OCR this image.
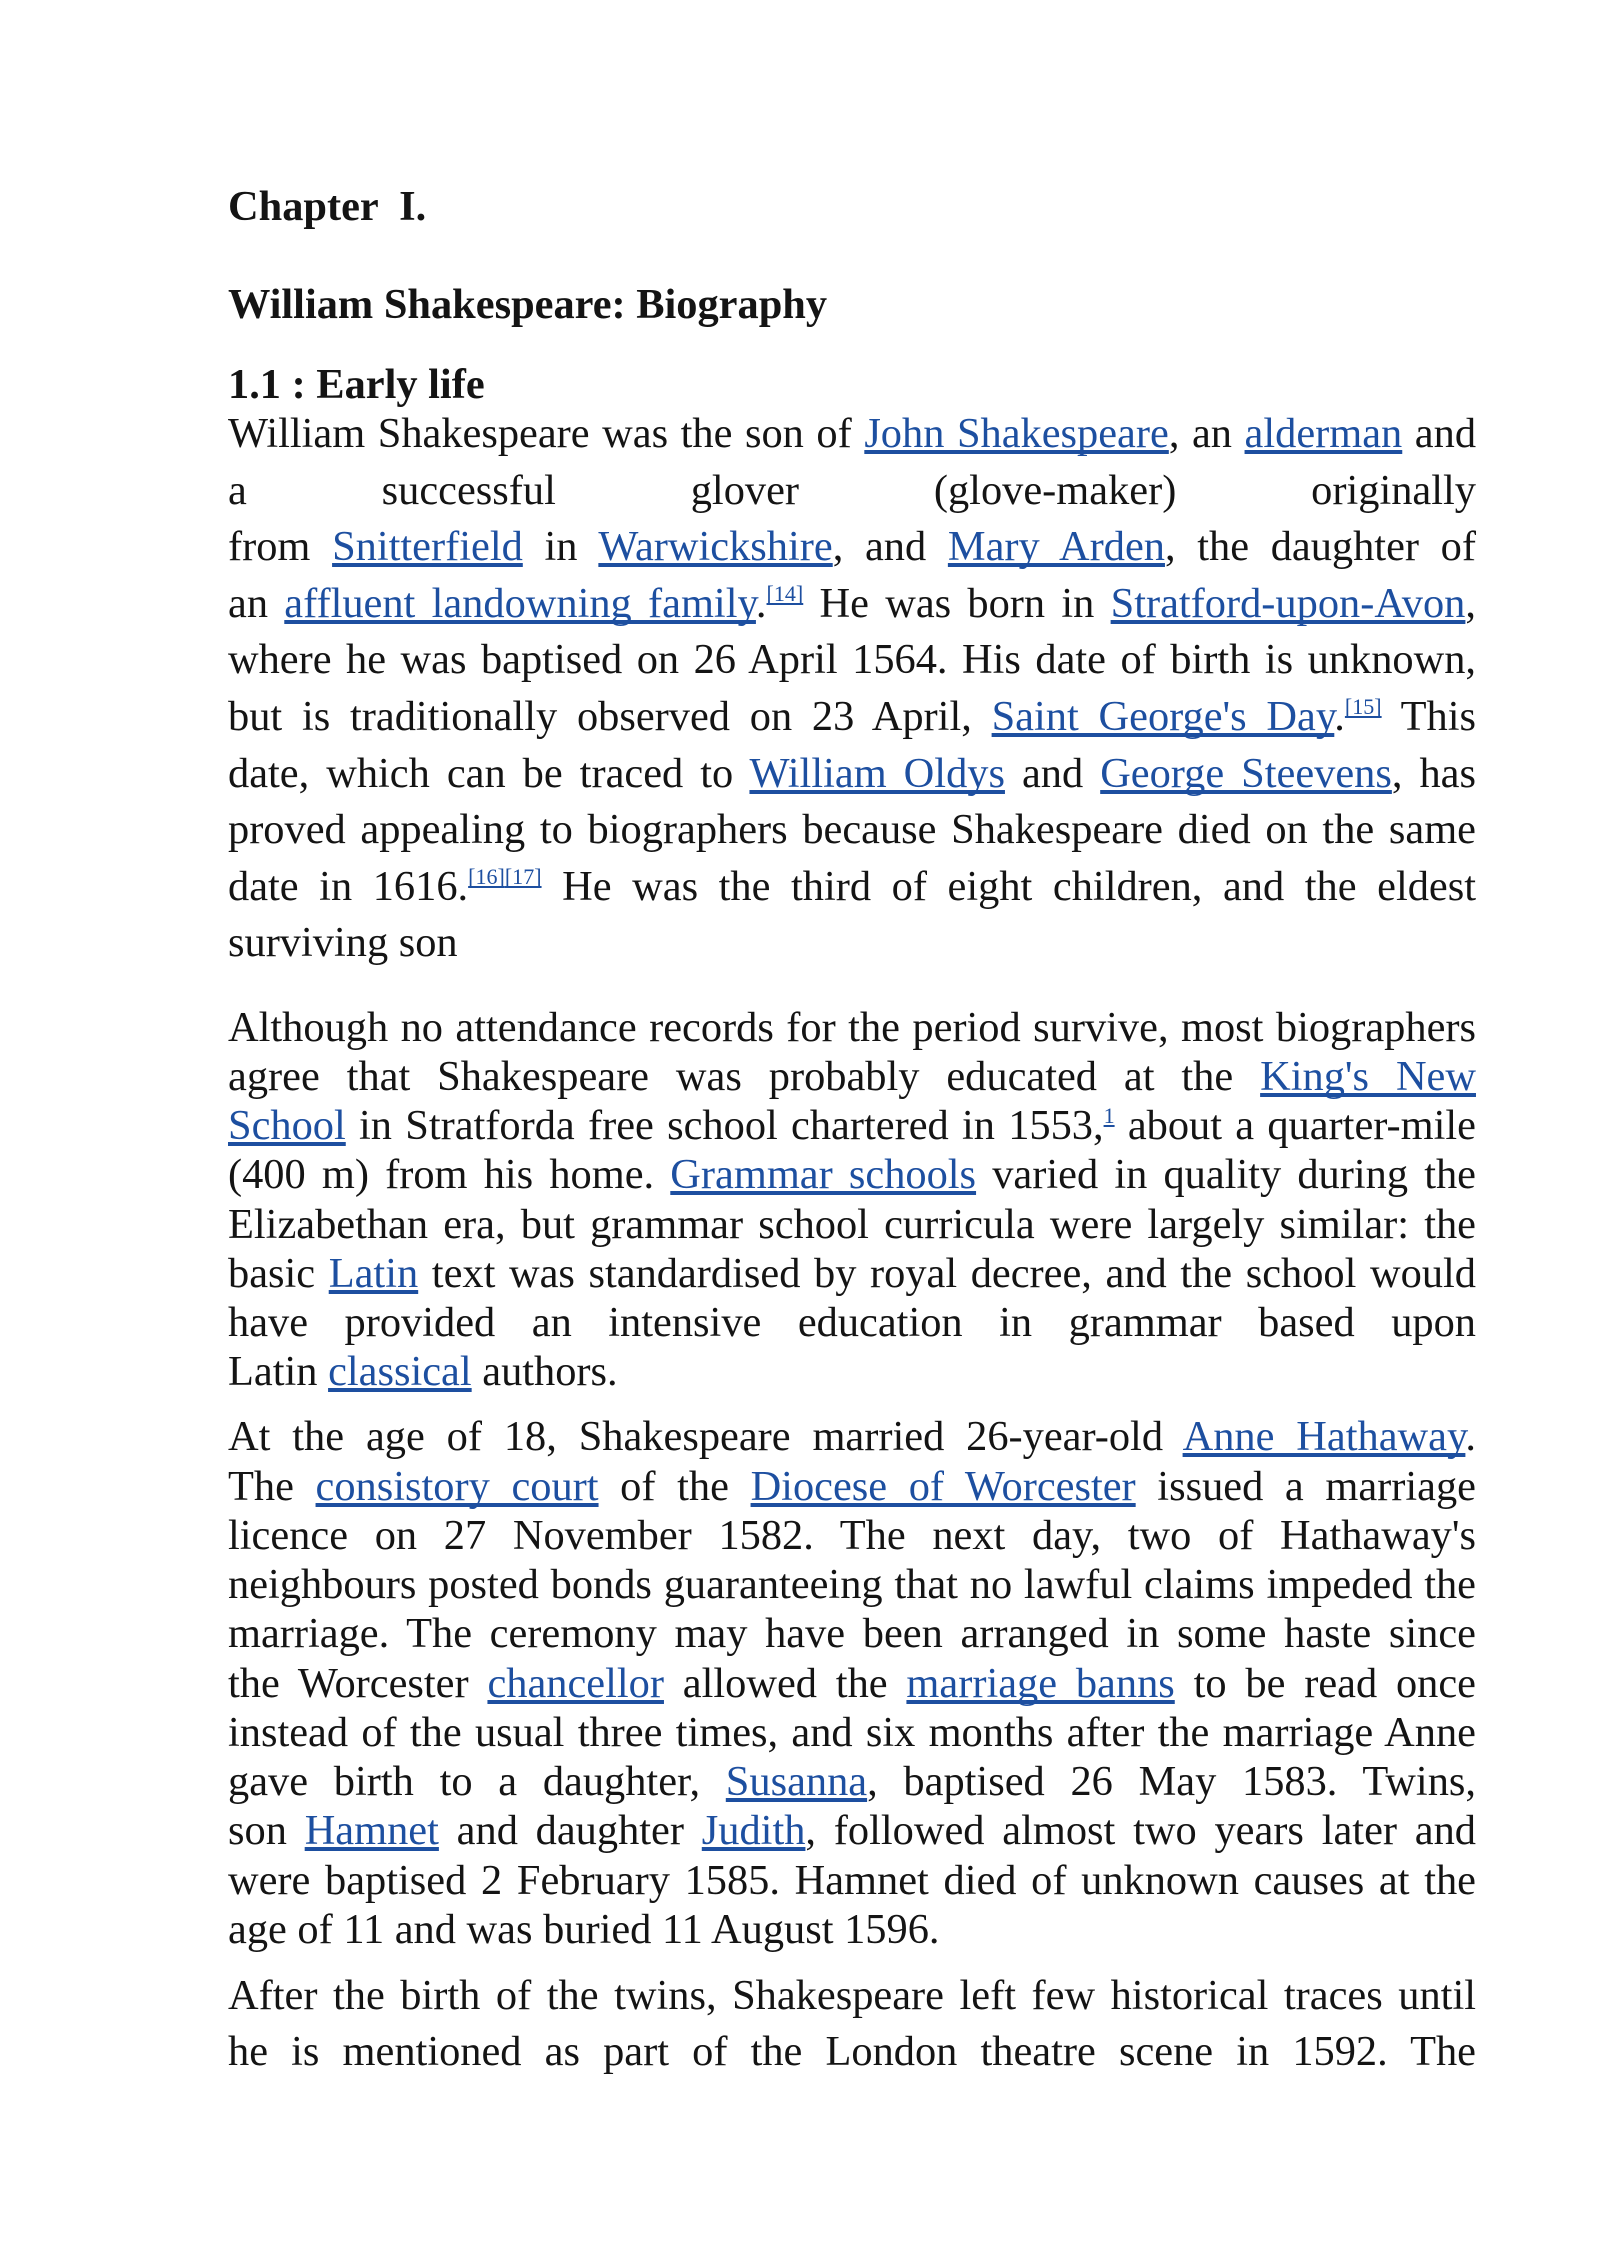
Chapter  I.
William Shakespeare: Biography
1.1 : Early life
William Shakespeare was the son of John Shakespeare, an alderman and
a successful glover (glove-maker) originally
from Snitterfield in Warwickshire, and Mary Arden, the daughter of
an affluent landowning family.[14] He was born in Stratford-upon-Avon,
where he was baptised on 26 April 1564. His date of birth is unknown,
but is traditionally observed on 23 April, Saint George's Day.[15] This
date, which can be traced to William Oldys and George Steevens, has
proved appealing to biographers because Shakespeare died on the same
date in 1616.[16][17] He was the third of eight children, and the eldest
surviving son
Although no attendance records for the period survive, most biographers
agree that Shakespeare was probably educated at the King's New
School in Stratforda free school chartered in 1553,$^1$ about a quarter-mile
(400 m) from his home. Grammar schools varied in quality during the
Elizabethan era, but grammar school curricula were largely similar: the
basic Latin text was standardised by royal decree, and the school would
have provided an intensive education in grammar based upon
Latin classical authors.
At the age of 18, Shakespeare married 26-year-old Anne Hathaway.
The consistory court of the Diocese of Worcester issued a marriage
licence on 27 November 1582. The next day, two of Hathaway's
neighbours posted bonds guaranteeing that no lawful claims impeded the
marriage. The ceremony may have been arranged in some haste since
the Worcester chancellor allowed the marriage banns to be read once
instead of the usual three times, and six months after the marriage Anne
gave birth to a daughter, Susanna, baptised 26 May 1583. Twins,
son Hamnet and daughter Judith, followed almost two years later and
were baptised 2 February 1585. Hamnet died of unknown causes at the
age of 11 and was buried 11 August 1596.
After the birth of the twins, Shakespeare left few historical traces until
he is mentioned as part of the London theatre scene in 1592. The
